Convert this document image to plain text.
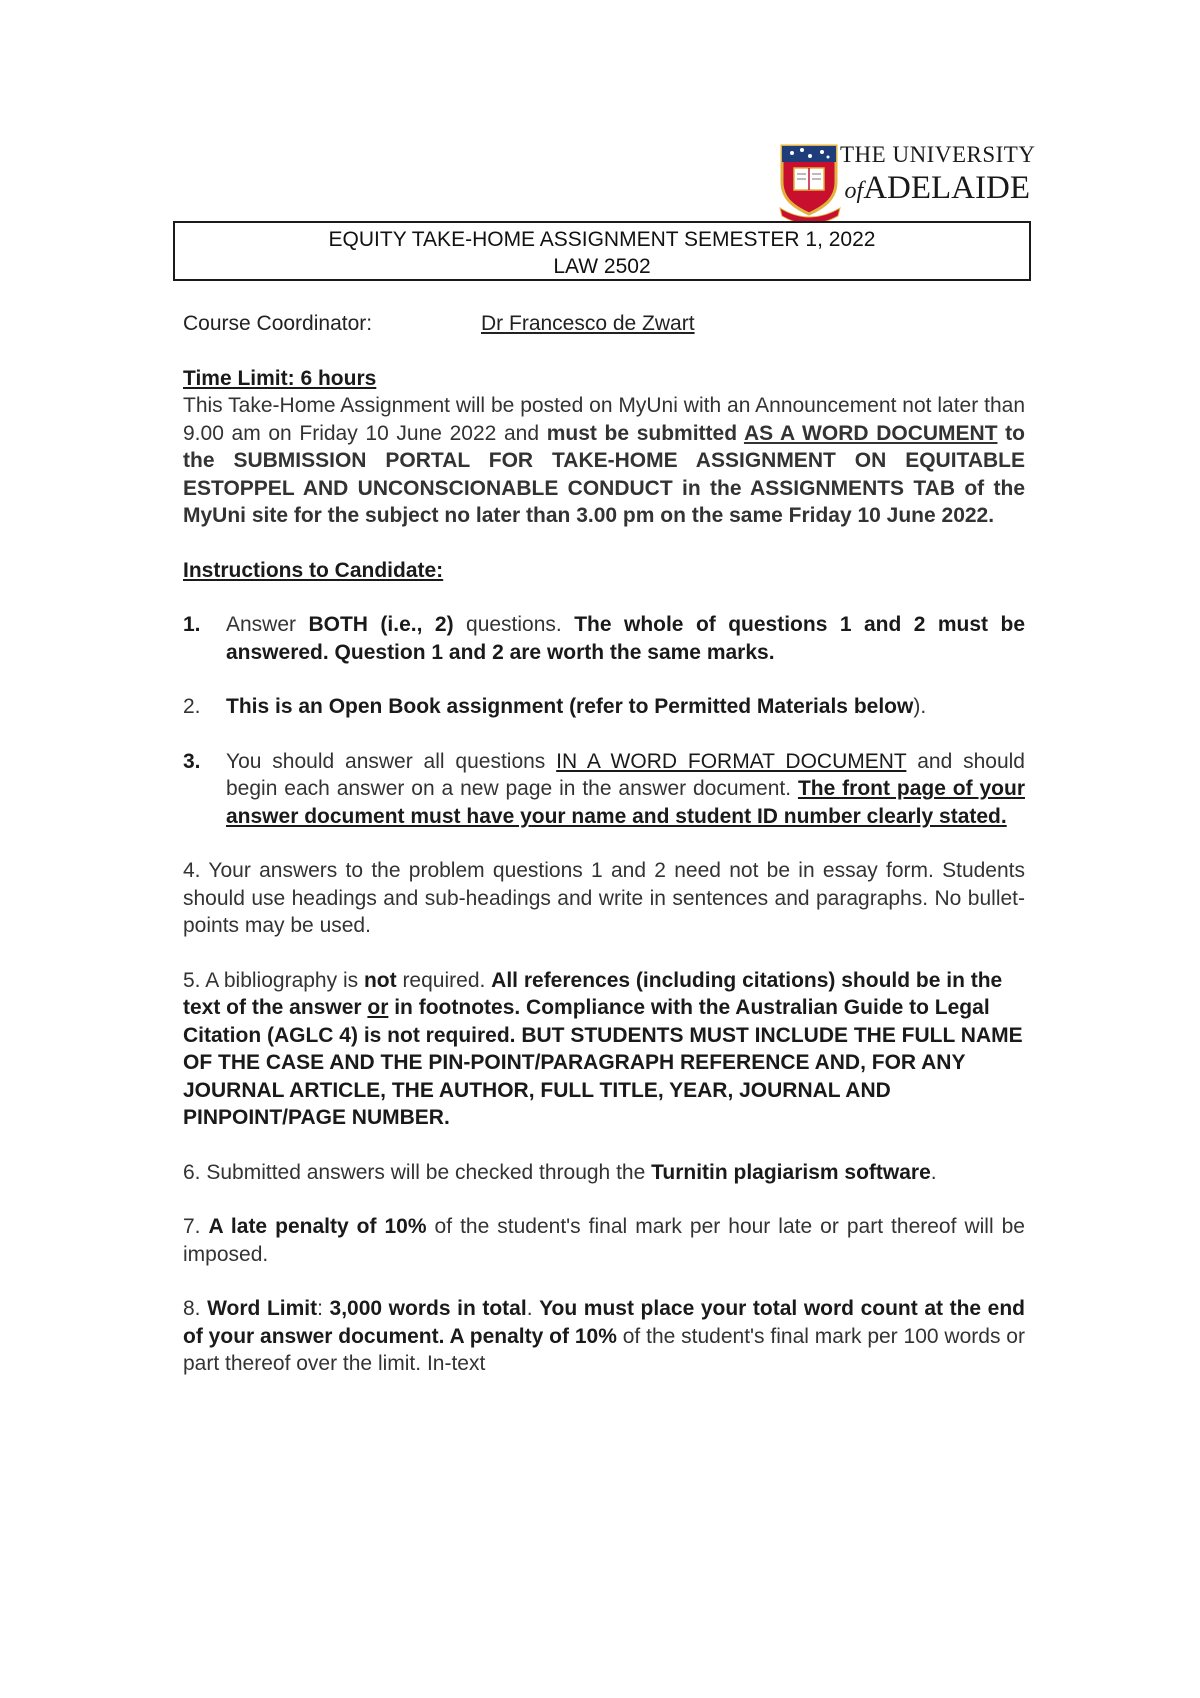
THE UNIVERSITY
ofADELAIDE
EQUITY TAKE-HOME ASSIGNMENT SEMESTER 1, 2022
LAW 2502
Course Coordinator:	Dr Francesco de Zwart

Time Limit: 6 hours

This Take-Home Assignment will be posted on MyUni with an Announcement not later than 9.00 am on Friday 10 June 2022 and must be submitted AS A WORD DOCUMENT to the SUBMISSION PORTAL FOR TAKE-HOME ASSIGNMENT ON EQUITABLE ESTOPPEL AND UNCONSCIONABLE CONDUCT in the ASSIGNMENTS TAB of the MyUni site for the subject no later than 3.00 pm on the same Friday 10 June 2022.

Instructions to Candidate:

1.	Answer BOTH (i.e., 2) questions. The whole of questions 1 and 2 must be answered. Question 1 and 2 are worth the same marks.

2.	This is an Open Book assignment (refer to Permitted Materials below).

3.	You should answer all questions IN A WORD FORMAT DOCUMENT and should begin each answer on a new page in the answer document. The front page of your answer document must have your name and student ID number clearly stated.

4. Your answers to the problem questions 1 and 2 need not be in essay form. Students should use headings and sub-headings and write in sentences and paragraphs. No bullet-points may be used.

5. A bibliography is not required. All references (including citations) should be in the text of the answer or in footnotes. Compliance with the Australian Guide to Legal Citation (AGLC 4) is not required. BUT STUDENTS MUST INCLUDE THE FULL NAME OF THE CASE AND THE PIN-POINT/PARAGRAPH REFERENCE AND, FOR ANY JOURNAL ARTICLE, THE AUTHOR, FULL TITLE, YEAR, JOURNAL AND PINPOINT/PAGE NUMBER.

6. Submitted answers will be checked through the Turnitin plagiarism software.

7. A late penalty of 10% of the student's final mark per hour late or part thereof will be imposed.

8. Word Limit: 3,000 words in total. You must place your total word count at the end of your answer document. A penalty of 10% of the student's final mark per 100 words or part thereof over the limit. In-text
